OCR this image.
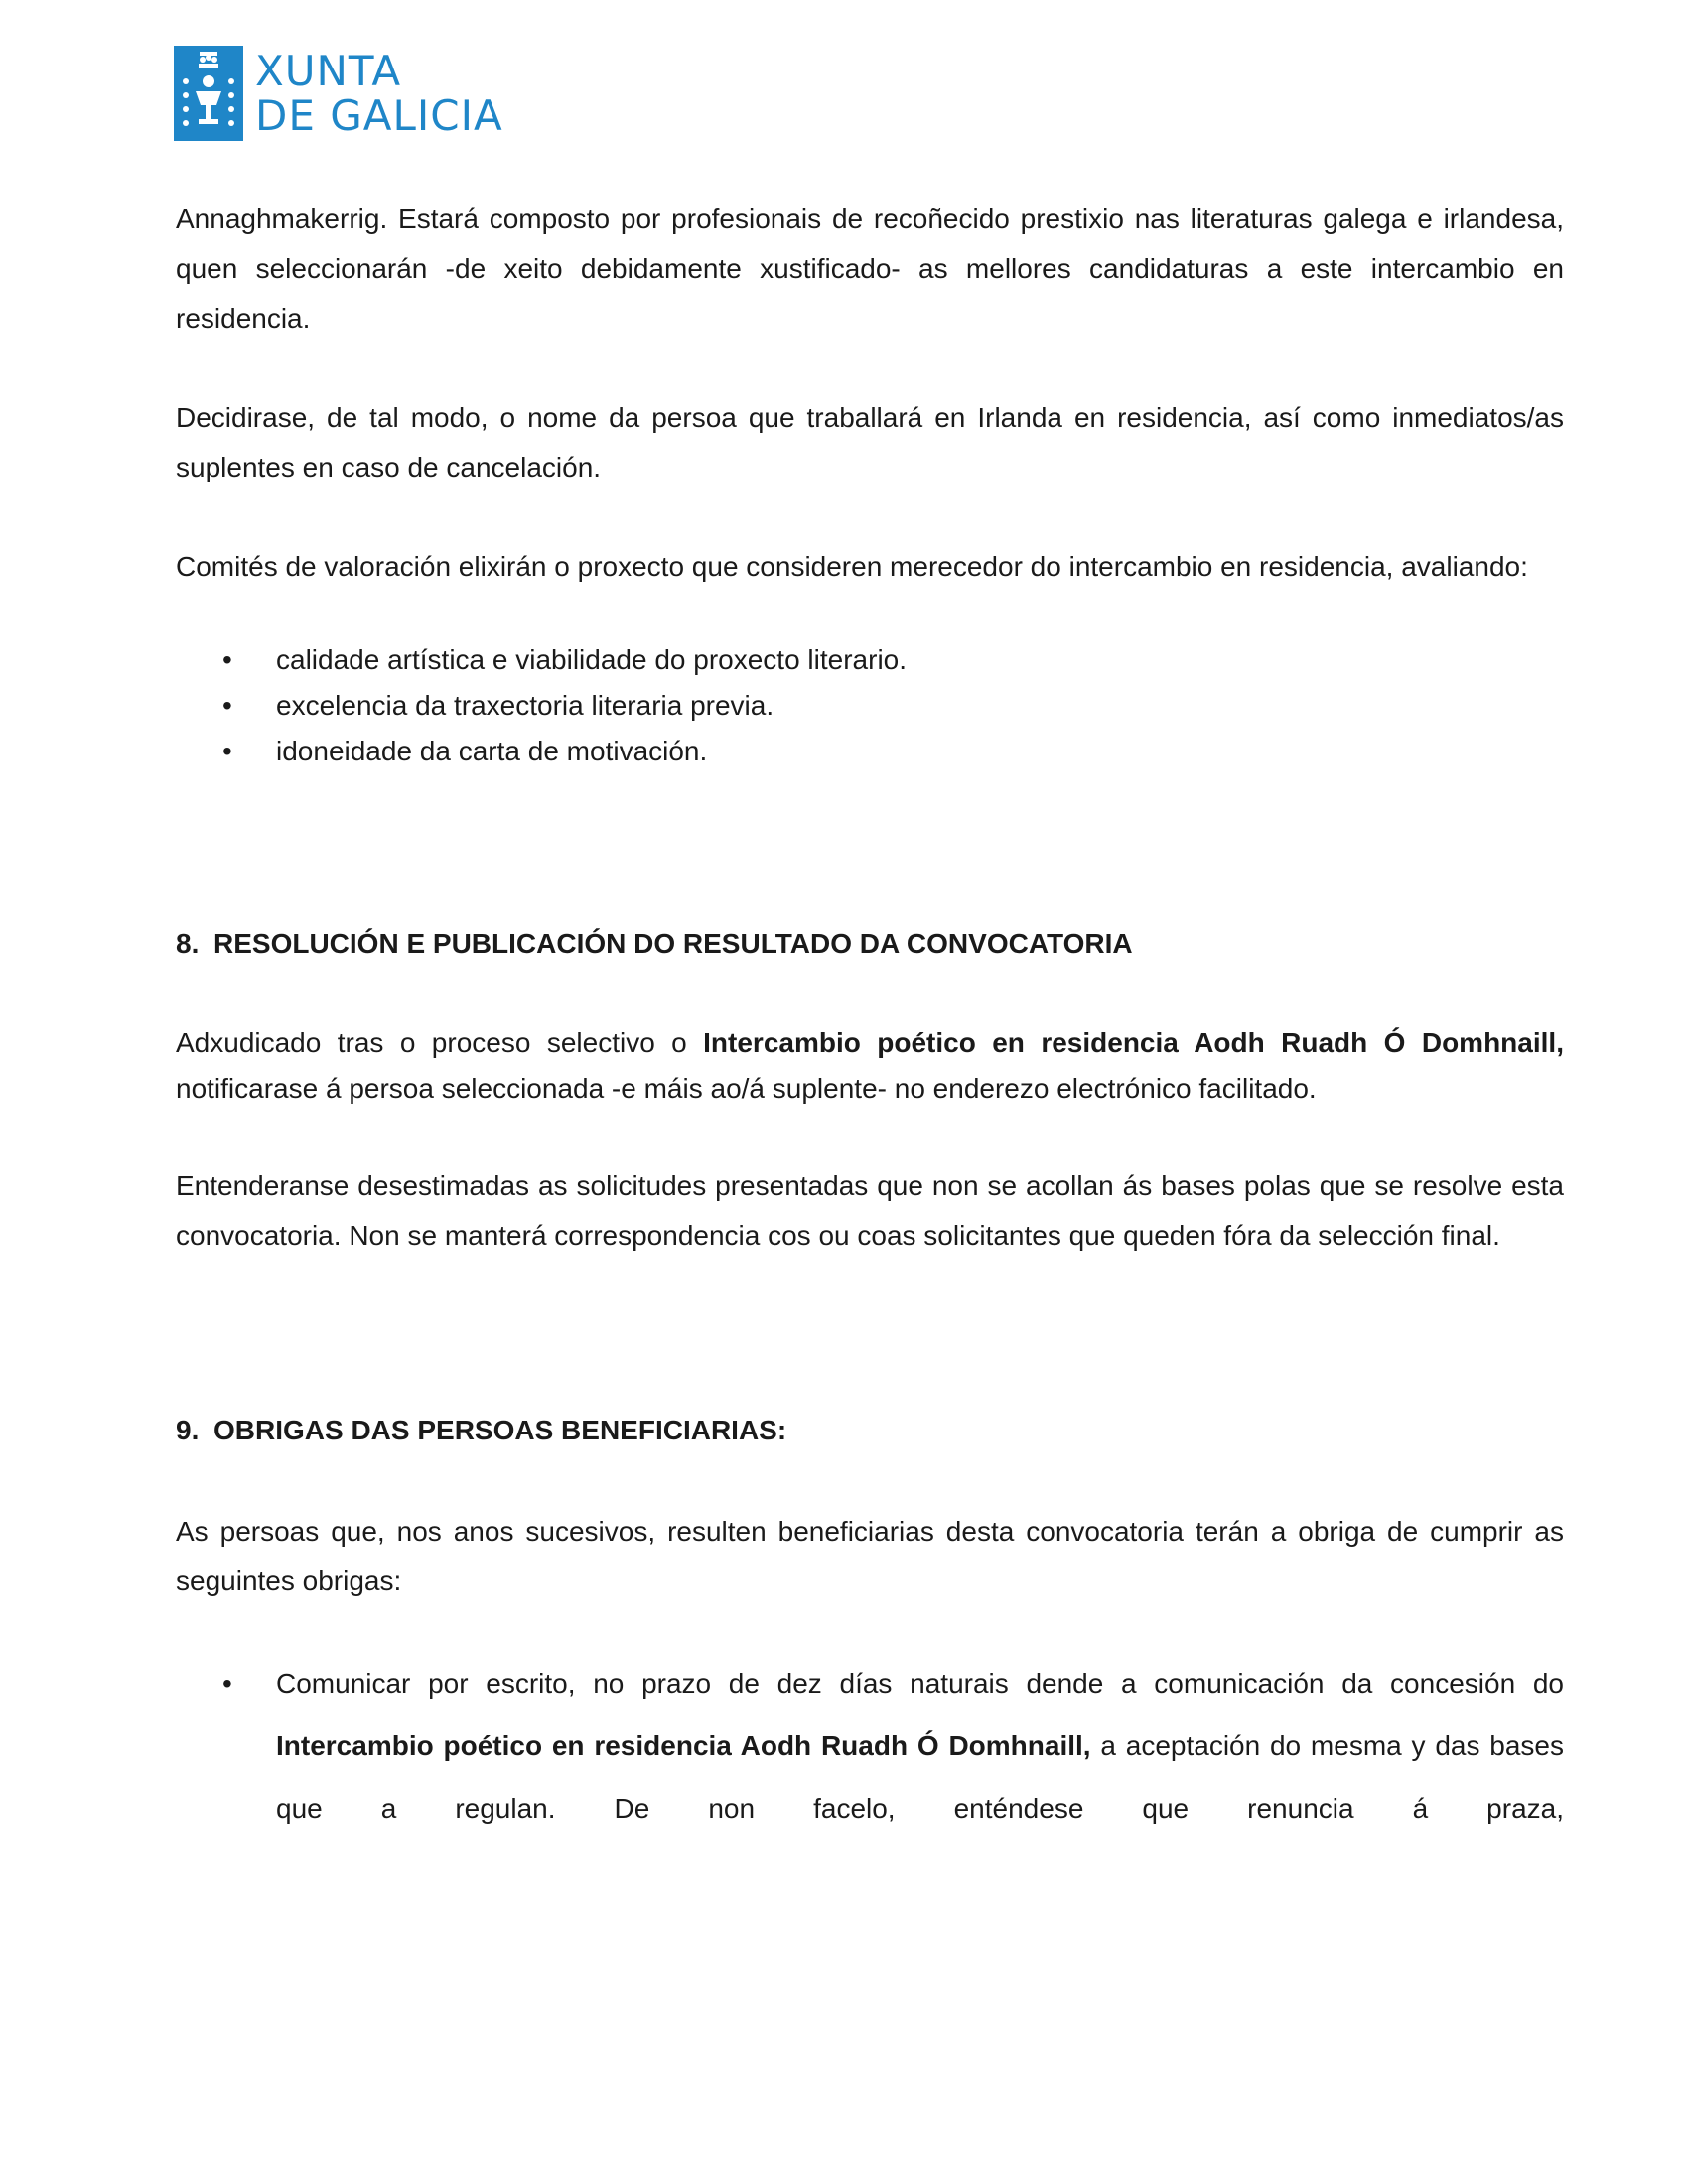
XUNTA
DE GALICIA

Annaghmakerrig. Estará composto por profesionais de recoñecido prestixio nas literaturas galega e irlandesa, quen seleccionarán -de xeito debidamente xustificado- as mellores candidaturas a este intercambio en residencia.

Decidirase, de tal modo, o nome da persoa que traballará en Irlanda en residencia, así como inmediatos/as suplentes en caso de cancelación.

Comités de valoración elixirán o proxecto que consideren merecedor do intercambio en residencia, avaliando:

• calidade artística e viabilidade do proxecto literario.
• excelencia da traxectoria literaria previa.
• idoneidade da carta de motivación.
8. RESOLUCIÓN E PUBLICACIÓN DO RESULTADO DA CONVOCATORIA

Adxudicado tras o proceso selectivo o Intercambio poético en residencia Aodh Ruadh Ó Domhnaill, notificarase á persoa seleccionada -e máis ao/á suplente- no enderezo electrónico facilitado.

Entenderanse desestimadas as solicitudes presentadas que non se acollan ás bases polas que se resolve esta convocatoria. Non se manterá correspondencia cos ou coas solicitantes que queden fóra da selección final.

9. OBRIGAS DAS PERSOAS BENEFICIARIAS:

As persoas que, nos anos sucesivos, resulten beneficiarias desta convocatoria terán a obriga de cumprir as seguintes obrigas:

• Comunicar por escrito, no prazo de dez días naturais dende a comunicación da concesión do Intercambio poético en residencia Aodh Ruadh Ó Domhnaill, a aceptación do mesma y das bases que a regulan. De non facelo, enténdese que renuncia á praza,
